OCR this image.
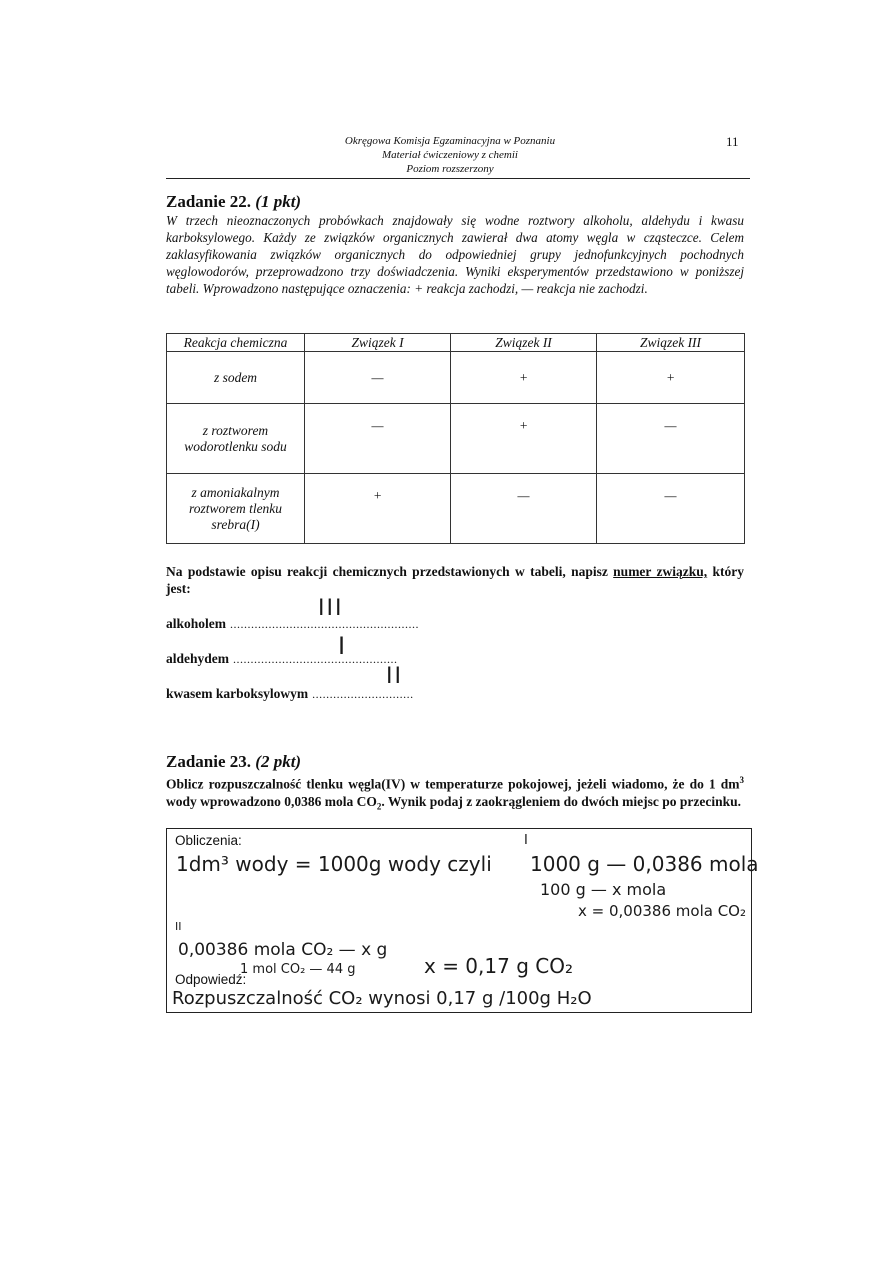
Okręgowa Komisja Egzaminacyjna w Poznaniu
Materiał ćwiczeniowy z chemii
Poziom rozszerzony
11
Zadanie 22. (1 pkt)
W trzech nieoznaczonych probówkach znajdowały się wodne roztwory alkoholu, aldehydu i kwasu karboksylowego. Każdy ze związków organicznych zawierał dwa atomy węgla w cząsteczce. Celem zaklasyfikowania związków organicznych do odpowiedniej grupy jednofunkcyjnych pochodnych węglowodorów, przeprowadzono trzy doświadczenia. Wyniki eksperymentów przedstawiono w poniższej tabeli. Wprowadzono następujące oznaczenia: + reakcja zachodzi, — reakcja nie zachodzi.
Reakcja chemiczna	Związek I	Związek II	Związek III
z sodem	—	+	+
z roztworem wodorotlenku sodu	—	+	—
z amoniakalnym roztworem tlenku srebra(I)	+	—	—
Na podstawie opisu reakcji chemicznych przedstawionych w tabeli, napisz numer związku, który jest:
alkoholem ......................................................
III
aldehydem ...............................................
I
kwasem karboksylowym .............................
II
Zadanie 23. (2 pkt)
Oblicz rozpuszczalność tlenku węgla(IV) w temperaturze pokojowej, jeżeli wiadomo, że do 1 $dm^3$ wody wprowadzono 0,0386 mola $CO_2$. Wynik podaj z zaokrągleniem do dwóch miejsc po przecinku.
Obliczenia:
1dm³ wody = 1000g wody czyli
I
1000 g — 0,0386 mola
100 g — x mola
x = 0,00386 mola CO₂
II
0,00386 mola CO₂ — x g
1 mol CO₂ — 44 g	x = 0,17 g CO₂
Odpowiedź:
Rozpuszczalność CO₂ wynosi 0,17 g /100g H₂O
